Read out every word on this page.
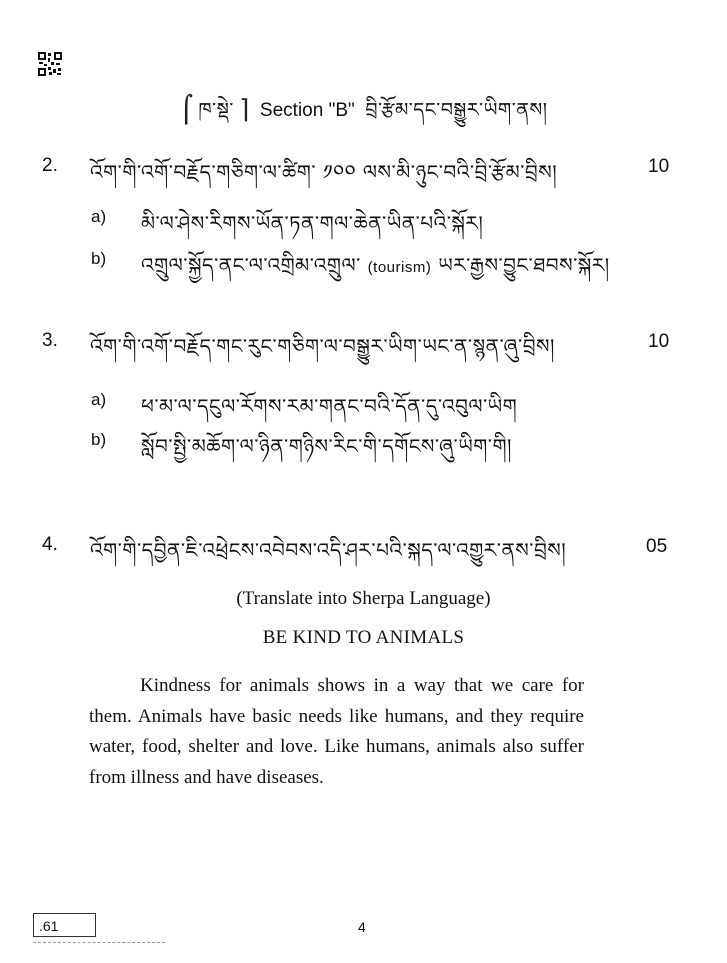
⌠ ཁ་སྡེ་ ⌉ Section "B" བྲི་རྩོམ་དང་བསྒྱུར་ཡིག་ནས།
2. འོག་གི་འགོ་བརྗོད་གཅིག་ལ་ཚིག་ ༡༠༠ ལས་མི་ཉུང་བའི་བྲི་རྩོམ་བྲིས།	10
a) མི་ལ་ཤེས་རིགས་ཡོན་ཏན་གལ་ཆེན་ཡིན་པའི་སྐོར།
b) འགྲུལ་སྐྱོད་ནང་ལ་འགྲིམ་འགྲུལ་ (tourism) ཡར་རྒྱས་བྱུང་ཐབས་སྐོར།
3. འོག་གི་འགོ་བརྗོད་གང་རུང་གཅིག་ལ་བསྒྱུར་ཡིག་ཡང་ན་སྙན་ཞུ་བྲིས།	10
a) ཕ་མ་ལ་དངུལ་རོགས་རམ་གནང་བའི་དོན་དུ་འབུལ་ཡིག
b) སློབ་སྤྱི་མཆོག་ལ་ཉིན་གཉིས་རིང་གི་དགོངས་ཞུ་ཡིག་གི།
4. འོག་གི་དབྱིན་ཇི་འཕྲེངས་འབེབས་འདི་ཤར་པའི་སྐད་ལ་འགྱུར་ནས་བྲིས།	05
(Translate into Sherpa Language)
BE KIND TO ANIMALS

Kindness for animals shows in a way that we care for them. Animals have basic needs like humans, and they require water, food, shelter and love. Like humans, animals also suffer from illness and have diseases.

.61	4
